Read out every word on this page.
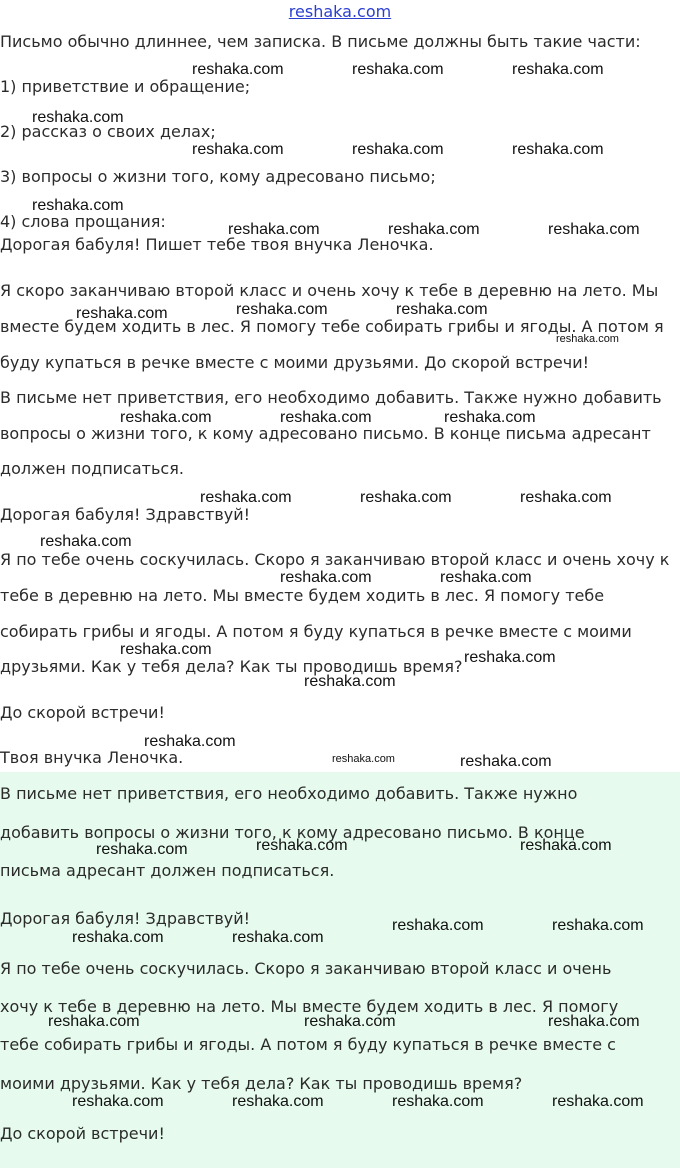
reshaka.com
Письмо обычно длиннее, чем записка. В письме должны быть такие части:
1) приветствие и обращение;
2) рассказ о своих делах;
3) вопросы о жизни того, кому адресовано письмо;
4) слова прощания:
Дорогая бабуля! Пишет тебе твоя внучка Леночка.
Я скоро заканчиваю второй класс и очень хочу к тебе в деревню на лето. Мы
вместе будем ходить в лес. Я помогу тебе собирать грибы и ягоды. А потом я
буду купаться в речке вместе с моими друзьями. До скорой встречи!
В письме нет приветствия, его необходимо добавить. Также нужно добавить
вопросы о жизни того, к кому адресовано письмо. В конце письма адресант
должен подписаться.
Дорогая бабуля! Здравствуй!
Я по тебе очень соскучилась. Скоро я заканчиваю второй класс и очень хочу к
тебе в деревню на лето. Мы вместе будем ходить в лес. Я помогу тебе
собирать грибы и ягоды. А потом я буду купаться в речке вместе с моими
друзьями. Как у тебя дела? Как ты проводишь время?
До скорой встречи!
Твоя внучка Леночка.
В письме нет приветствия, его необходимо добавить. Также нужно
добавить вопросы о жизни того, к кому адресовано письмо. В конце
письма адресант должен подписаться.
Дорогая бабуля! Здравствуй!
Я по тебе очень соскучилась. Скоро я заканчиваю второй класс и очень
хочу к тебе в деревню на лето. Мы вместе будем ходить в лес. Я помогу
тебе собирать грибы и ягоды. А потом я буду купаться в речке вместе с
моими друзьями. Как у тебя дела? Как ты проводишь время?
До скорой встречи!
reshaka.com	reshaka.com	reshaka.com
reshaka.com
reshaka.com	reshaka.com	reshaka.com
reshaka.com
reshaka.com	reshaka.com	reshaka.com
reshaka.com	reshaka.com
reshaka.com
reshaka.com
reshaka.com	reshaka.com	reshaka.com
reshaka.com	reshaka.com	reshaka.com
reshaka.com
reshaka.com	reshaka.com
reshaka.com	reshaka.com
reshaka.com
reshaka.com
reshaka.com	reshaka.com
reshaka.com	reshaka.com
reshaka.com
reshaka.com	reshaka.com
reshaka.com	reshaka.com
reshaka.com	reshaka.com	reshaka.com
reshaka.com	reshaka.com	reshaka.com	reshaka.com
